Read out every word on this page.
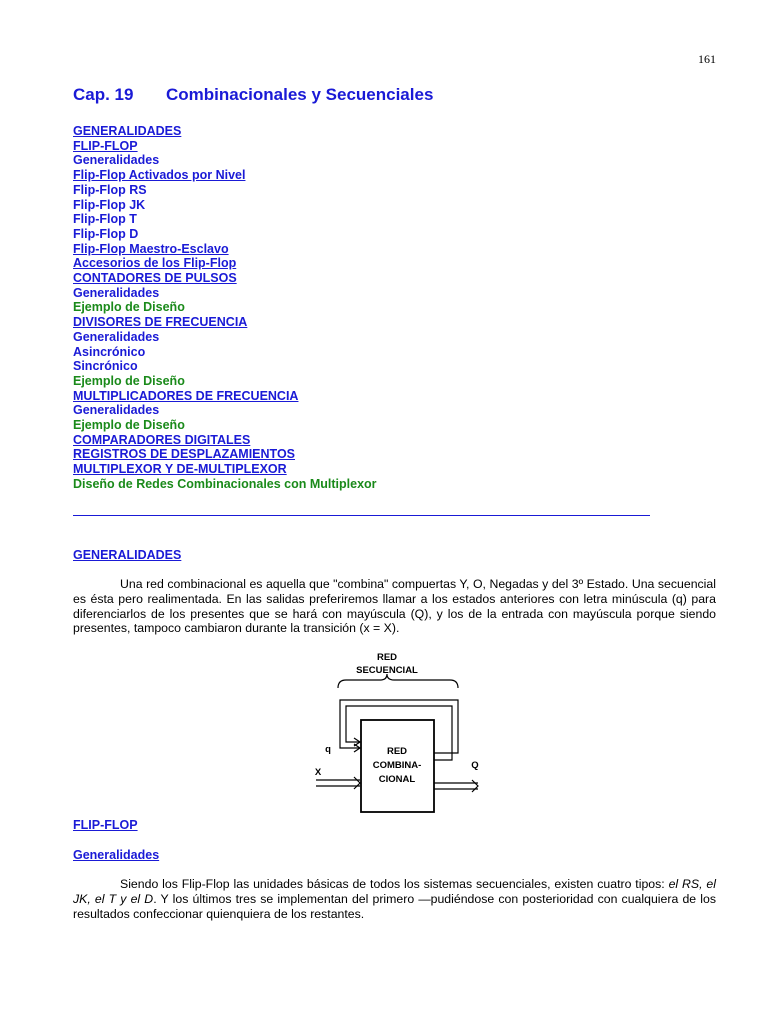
161
Cap. 19 Combinacionales y Secuenciales
GENERALIDADES
FLIP-FLOP
Generalidades
Flip-Flop Activados por Nivel
Flip-Flop RS
Flip-Flop JK
Flip-Flop T
Flip-Flop D
Flip-Flop Maestro-Esclavo
Accesorios de los Flip-Flop
CONTADORES DE PULSOS
Generalidades
Ejemplo de Diseño
DIVISORES DE FRECUENCIA
Generalidades
Asincrónico
Sincrónico
Ejemplo de Diseño
MULTIPLICADORES DE FRECUENCIA
Generalidades
Ejemplo de Diseño
COMPARADORES DIGITALES
REGISTROS DE DESPLAZAMIENTOS
MULTIPLEXOR Y DE-MULTIPLEXOR
Diseño de Redes Combinacionales con Multiplexor
GENERALIDADES

Una red combinacional es aquella que "combina" compuertas Y, O, Negadas y del 3º Estado. Una secuencial es ésta pero realimentada. En las salidas preferiremos llamar a los estados anteriores con letra minúscula (q) para diferenciarlos de los presentes que se hará con mayúscula (Q), y los de la entrada con mayúscula porque siendo presentes, tampoco cambiaron durante la transición (x = X).

RED
SECUENCIAL
RED
COMBINA-
CIONAL
q
X
Q
FLIP-FLOP
Generalidades

Siendo los Flip-Flop las unidades básicas de todos los sistemas secuenciales, existen cuatro tipos: el RS, el JK, el T y el D. Y los últimos tres se implementan del primero —pudiéndose con posterioridad con cualquiera de los resultados confeccionar quienquiera de los restantes.
